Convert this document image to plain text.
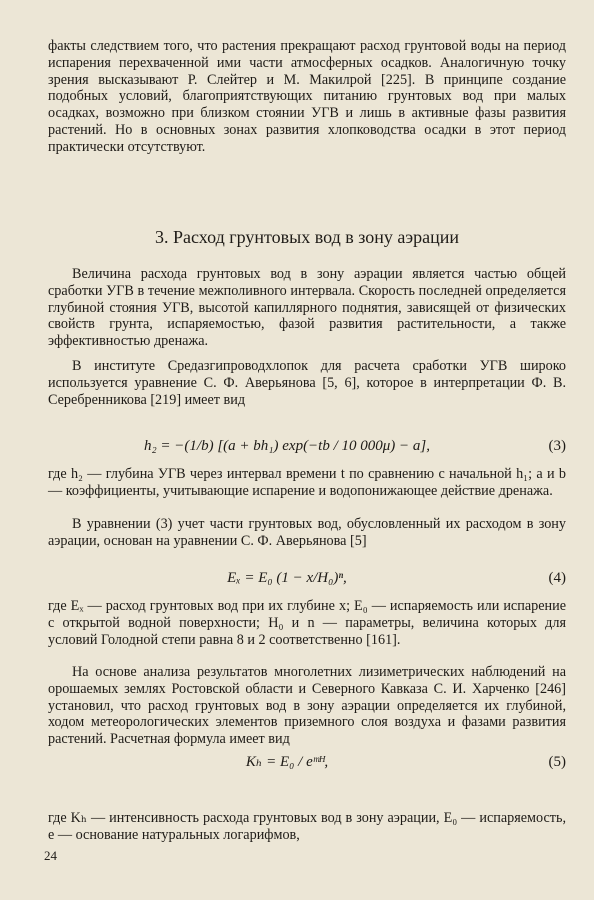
факты следствием того, что растения прекращают расход грунтовой воды на период испарения перехваченной ими части атмосферных осадков. Аналогичную точку зрения высказывают Р. Слейтер и М. Макилрой [225]. В принципе создание подобных условий, благоприятствующих питанию грунтовых вод при малых осадках, возможно при близком стоянии УГВ и лишь в активные фазы развития растений. Но в основных зонах развития хлопководства осадки в этот период практически отсутствуют.
3. Расход грунтовых вод в зону аэрации
Величина расхода грунтовых вод в зону аэрации является частью общей сработки УГВ в течение межполивного интервала. Скорость последней определяется глубиной стояния УГВ, высотой капиллярного поднятия, зависящей от физических свойств грунта, испаряемостью, фазой развития растительности, а также эффективностью дренажа.
В институте Средазгипроводхлопок для расчета сработки УГВ широко используется уравнение С. Ф. Аверьянова [5, 6], которое в интерпретации Ф. В. Серебренникова [219] имеет вид
h₂ = −(1/b) [(a + bh₁) exp(−tb / 10 000μ) − a],	(3)
где h₂ — глубина УГВ через интервал времени t по сравнению с начальной h₁; a и b — коэффициенты, учитывающие испарение и водопонижающее действие дренажа.
В уравнении (3) учет части грунтовых вод, обусловленный их расходом в зону аэрации, основан на уравнении С. Ф. Аверьянова [5]
Eₓ = E₀ (1 − x/H₀)ⁿ,	(4)
где Eₓ — расход грунтовых вод при их глубине x; E₀ — испаряемость или испарение с открытой водной поверхности; H₀ и n — параметры, величина которых для условий Голодной степи равна 8 и 2 соответственно [161].
На основе анализа результатов многолетних лизиметрических наблюдений на орошаемых землях Ростовской области и Северного Кавказа С. И. Харченко [246] установил, что расход грунтовых вод в зону аэрации определяется их глубиной, ходом метеорологических элементов приземного слоя воздуха и фазами развития растений. Расчетная формула имеет вид
Kₕ = E₀ / eᵐᴴ,	(5)
где Kₕ — интенсивность расхода грунтовых вод в зону аэрации, E₀ — испаряемость, e — основание натуральных логарифмов,
24
